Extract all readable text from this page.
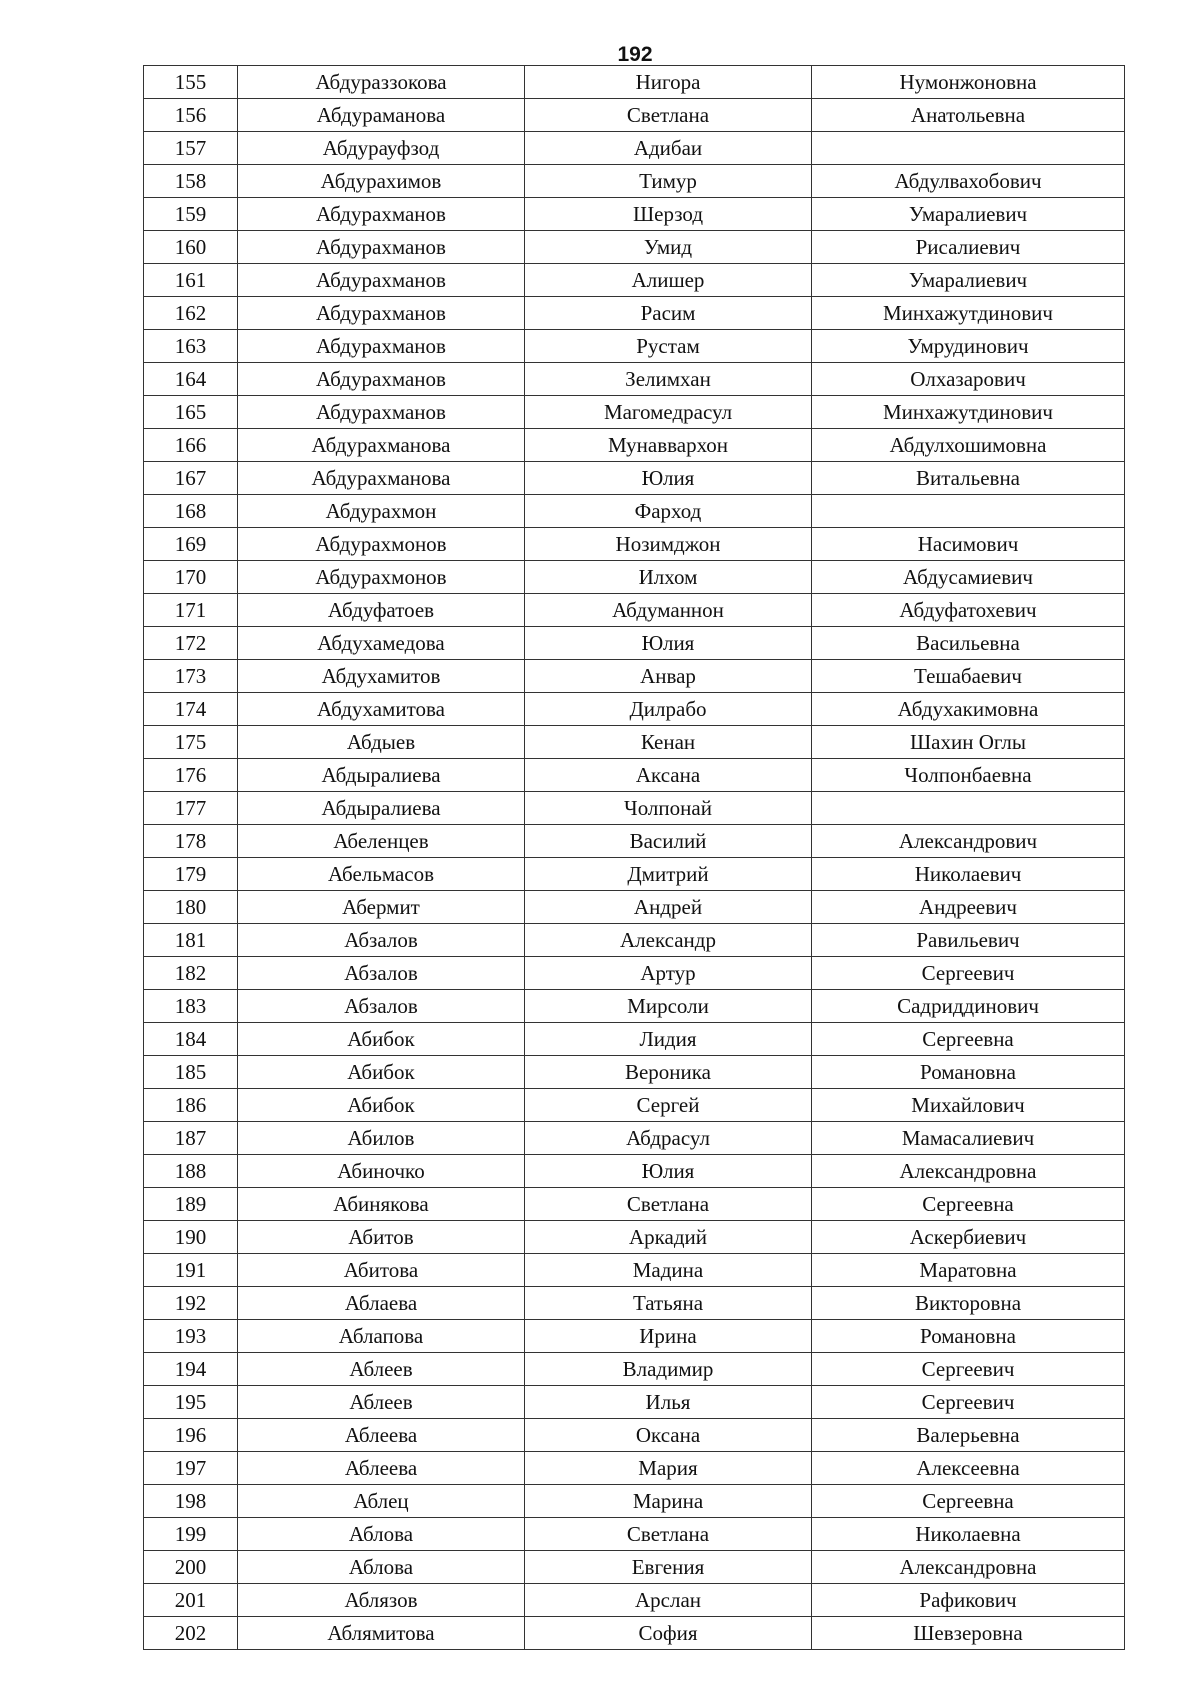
192
155	Абдураззокова	Нигора	Нумонжоновна
156	Абдураманова	Светлана	Анатольевна
157	Абдурауфзод	Адибаи	
158	Абдурахимов	Тимур	Абдулвахобович
159	Абдурахманов	Шерзод	Умаралиевич
160	Абдурахманов	Умид	Рисалиевич
161	Абдурахманов	Алишер	Умаралиевич
162	Абдурахманов	Расим	Минхажутдинович
163	Абдурахманов	Рустам	Умрудинович
164	Абдурахманов	Зелимхан	Олхазарович
165	Абдурахманов	Магомедрасул	Минхажутдинович
166	Абдурахманова	Мунаввархон	Абдулхошимовна
167	Абдурахманова	Юлия	Витальевна
168	Абдурахмон	Фарход	
169	Абдурахмонов	Нозимджон	Насимович
170	Абдурахмонов	Илхом	Абдусамиевич
171	Абдуфатоев	Абдуманнон	Абдуфатохевич
172	Абдухамедова	Юлия	Васильевна
173	Абдухамитов	Анвар	Тешабаевич
174	Абдухамитова	Дилрабо	Абдухакимовна
175	Абдыев	Кенан	Шахин Оглы
176	Абдыралиева	Аксана	Чолпонбаевна
177	Абдыралиева	Чолпонай	
178	Абеленцев	Василий	Александрович
179	Абельмасов	Дмитрий	Николаевич
180	Абермит	Андрей	Андреевич
181	Абзалов	Александр	Равильевич
182	Абзалов	Артур	Сергеевич
183	Абзалов	Мирсоли	Садриддинович
184	Абибок	Лидия	Сергеевна
185	Абибок	Вероника	Романовна
186	Абибок	Сергей	Михайлович
187	Абилов	Абдрасул	Мамасалиевич
188	Абиночко	Юлия	Александровна
189	Абинякова	Светлана	Сергеевна
190	Абитов	Аркадий	Аскербиевич
191	Абитова	Мадина	Маратовна
192	Аблаева	Татьяна	Викторовна
193	Аблапова	Ирина	Романовна
194	Аблеев	Владимир	Сергеевич
195	Аблеев	Илья	Сергеевич
196	Аблеева	Оксана	Валерьевна
197	Аблеева	Мария	Алексеевна
198	Аблец	Марина	Сергеевна
199	Аблова	Светлана	Николаевна
200	Аблова	Евгения	Александровна
201	Аблязов	Арслан	Рафикович
202	Аблямитова	София	Шевзеровна
